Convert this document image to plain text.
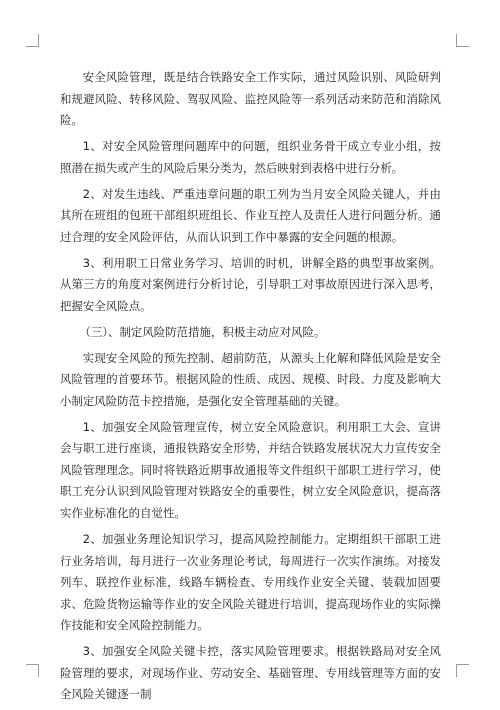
安全风险管理，既是结合铁路安全工作实际，通过风险识别、风险研判和规避风险、转移风险、驾驭风险、监控风险等一系列活动来防范和消除风险。

1、对安全风险管理问题库中的问题，组织业务骨干成立专业小组，按照潜在损失或产生的风险后果分类为，然后映射到表格中进行分析。

2、对发生违线、严重违章问题的职工列为当月安全风险关键人，并由其所在班组的包班干部组织班组长、作业互控人及责任人进行问题分析。通过合理的安全风险评估，从而认识到工作中暴露的安全问题的根源。

3、利用职工日常业务学习、培训的时机，讲解全路的典型事故案例。从第三方的角度对案例进行分析讨论，引导职工对事故原因进行深入思考，把握安全风险点。

（三）、制定风险防范措施，积极主动应对风险。

实现安全风险的预先控制、超前防范，从源头上化解和降低风险是安全风险管理的首要环节。根据风险的性质、成因、规模、时段、力度及影响大小制定风险防范卡控措施，是强化安全管理基础的关键。

1、加强安全风险管理宣传，树立安全风险意识。利用职工大会、宣讲会与职工进行座谈，通报铁路安全形势，并结合铁路发展状况大力宣传安全风险管理理念。同时将铁路近期事故通报等文件组织干部职工进行学习，使职工充分认识到风险管理对铁路安全的重要性，树立安全风险意识，提高落实作业标准化的自觉性。

2、加强业务理论知识学习，提高风险控制能力。定期组织干部职工进行业务培训，每月进行一次业务理论考试，每周进行一次实作演练。对接发列车、联控作业标准，线路车辆检查、专用线作业安全关键、装载加固要求、危险货物运输等作业的安全风险关键进行培训，提高现场作业的实际操作技能和安全风险控制能力。

3、加强安全风险关键卡控，落实风险管理要求。根据铁路局对安全风险管理的要求，对现场作业、劳动安全、基础管理、专用线管理等方面的安全风险关键逐一制
